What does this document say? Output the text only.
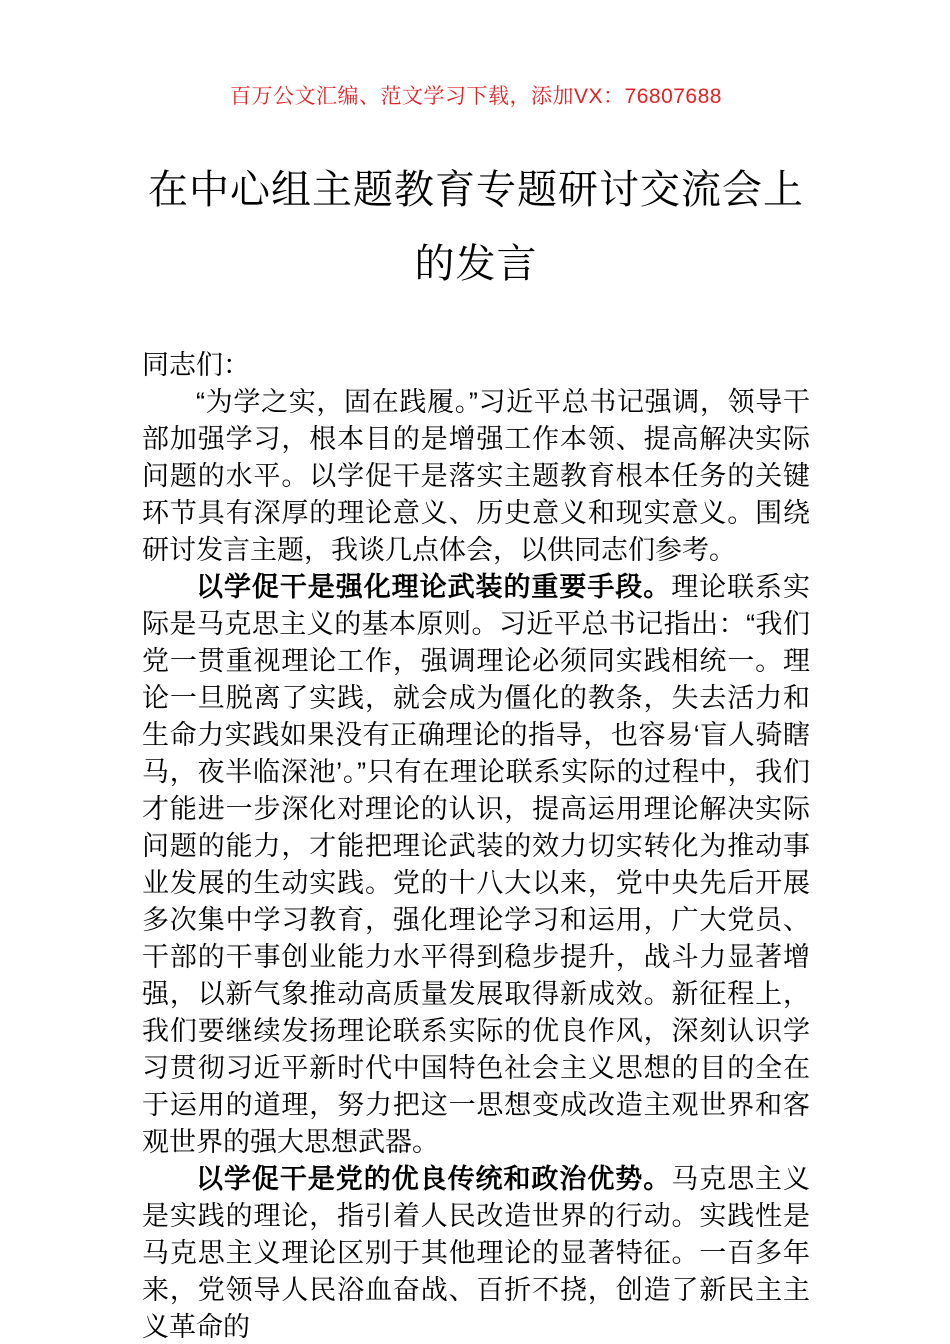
百万公文汇编、范文学习下载，添加VX：76807688
在中心组主题教育专题研讨交流会上的发言

同志们：

“为学之实，固在践履。”习近平总书记强调，领导干部加强学习，根本目的是增强工作本领、提高解决实际问题的水平。以学促干是落实主题教育根本任务的关键环节具有深厚的理论意义、历史意义和现实意义。围绕研讨发言主题，我谈几点体会，以供同志们参考。

以学促干是强化理论武装的重要手段。理论联系实际是马克思主义的基本原则。习近平总书记指出：“我们党一贯重视理论工作，强调理论必须同实践相统一。理论一旦脱离了实践，就会成为僵化的教条，失去活力和生命力实践如果没有正确理论的指导，也容易‘盲人骑瞎马，夜半临深池’。”只有在理论联系实际的过程中，我们才能进一步深化对理论的认识，提高运用理论解决实际问题的能力，才能把理论武装的效力切实转化为推动事业发展的生动实践。党的十八大以来，党中央先后开展多次集中学习教育，强化理论学习和运用，广大党员、干部的干事创业能力水平得到稳步提升，战斗力显著增强，以新气象推动高质量发展取得新成效。新征程上，我们要继续发扬理论联系实际的优良作风，深刻认识学习贯彻习近平新时代中国特色社会主义思想的目的全在于运用的道理，努力把这一思想变成改造主观世界和客观世界的强大思想武器。

以学促干是党的优良传统和政治优势。马克思主义是实践的理论，指引着人民改造世界的行动。实践性是马克思主义理论区别于其他理论的显著特征。一百多年来，党领导人民浴血奋战、百折不挠，创造了新民主主义革命的
